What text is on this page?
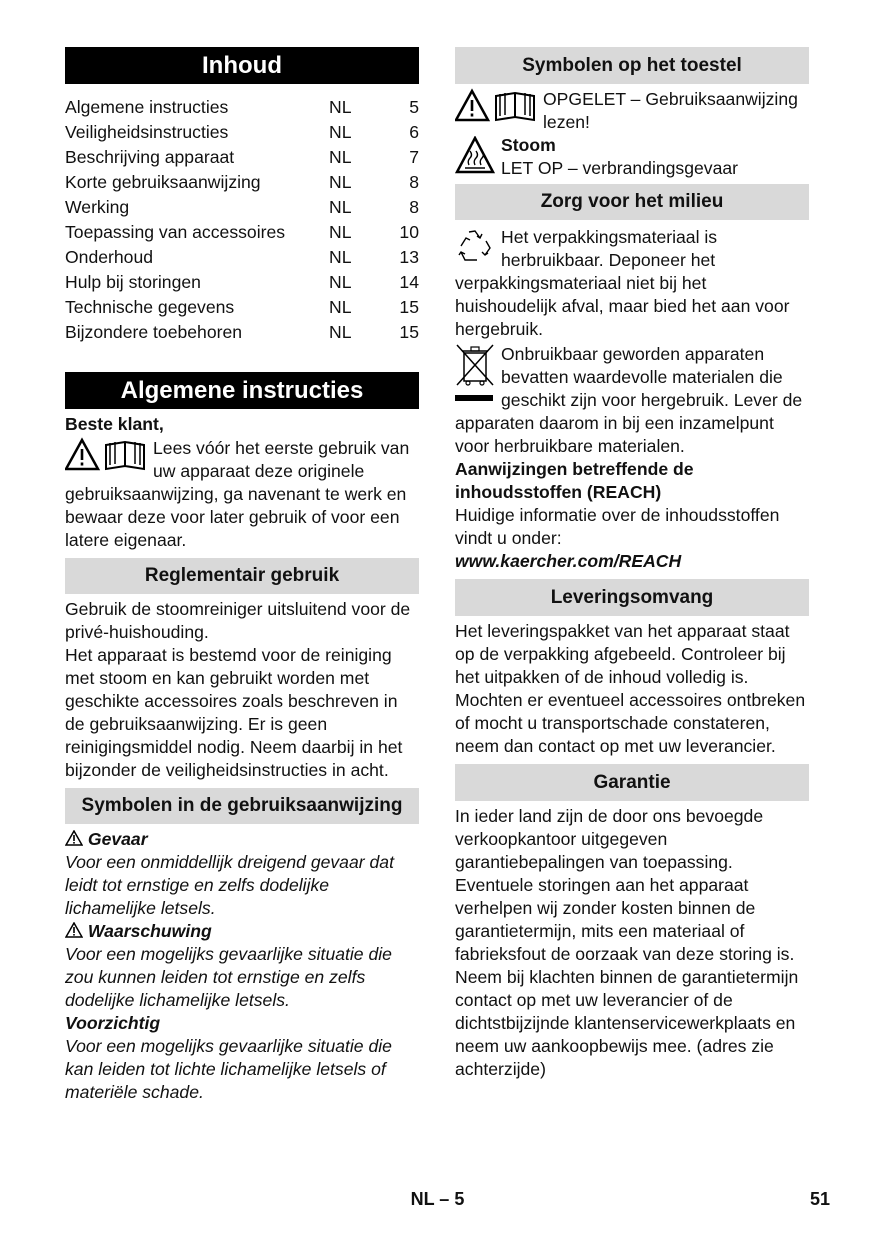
Inhoud
Algemene instructies	NL	5
Veiligheidsinstructies	NL	6
Beschrijving apparaat	NL	7
Korte gebruiksaanwijzing	NL	8
Werking	NL	8
Toepassing van accessoires	NL	10
Onderhoud	NL	13
Hulp bij storingen	NL	14
Technische gegevens	NL	15
Bijzondere toebehoren	NL	15
Algemene instructies

Beste klant,

Lees vóór het eerste gebruik van uw apparaat deze originele gebruiksaanwijzing, ga navenant te werk en bewaar deze voor later gebruik of voor een latere eigenaar.
Reglementair gebruik

Gebruik de stoomreiniger uitsluitend voor de privé-huishouding.

Het apparaat is bestemd voor de reiniging met stoom en kan gebruikt worden met geschikte accessoires zoals beschreven in de gebruiksaanwijzing. Er is geen reinigingsmiddel nodig. Neem daarbij in het bijzonder de veiligheidsinstructies in acht.

Symbolen in de gebruiksaanwijzing

Gevaar

Voor een onmiddellijk dreigend gevaar dat leidt tot ernstige en zelfs dodelijke lichamelijke letsels.

Waarschuwing

Voor een mogelijks gevaarlijke situatie die zou kunnen leiden tot ernstige en zelfs dodelijke lichamelijke letsels.

Voorzichtig

Voor een mogelijks gevaarlijke situatie die kan leiden tot lichte lichamelijke letsels of materiële schade.

Symbolen op het toestel
OPGELET – Gebruiksaanwijzing lezen!
Stoom
LET OP – verbrandingsgevaar
Zorg voor het milieu
Het verpakkingsmateriaal is herbruikbaar. Deponeer het verpakkingsmateriaal niet bij het huishoudelijk afval, maar bied het aan voor hergebruik.
Onbruikbaar geworden apparaten bevatten waardevolle materialen die geschikt zijn voor hergebruik. Lever de apparaten daarom in bij een inzamelpunt voor herbruikbare materialen.

Aanwijzingen betreffende de inhoudsstoffen (REACH)

Huidige informatie over de inhoudsstoffen vindt u onder:

www.kaercher.com/REACH

Leveringsomvang

Het leveringspakket van het apparaat staat op de verpakking afgebeeld. Controleer bij het uitpakken of de inhoud volledig is. Mochten er eventueel accessoires ontbreken of mocht u transportschade constateren, neem dan contact op met uw leverancier.

Garantie

In ieder land zijn de door ons bevoegde verkoopkantoor uitgegeven garantiebepalingen van toepassing. Eventuele storingen aan het apparaat verhelpen wij zonder kosten binnen de garantietermijn, mits een materiaal of fabrieksfout de oorzaak van deze storing is. Neem bij klachten binnen de garantietermijn contact op met uw leverancier of de dichtstbijzijnde klantenservicewerkplaats en neem uw aankoopbewijs mee. (adres zie achterzijde)

NL – 5	51
